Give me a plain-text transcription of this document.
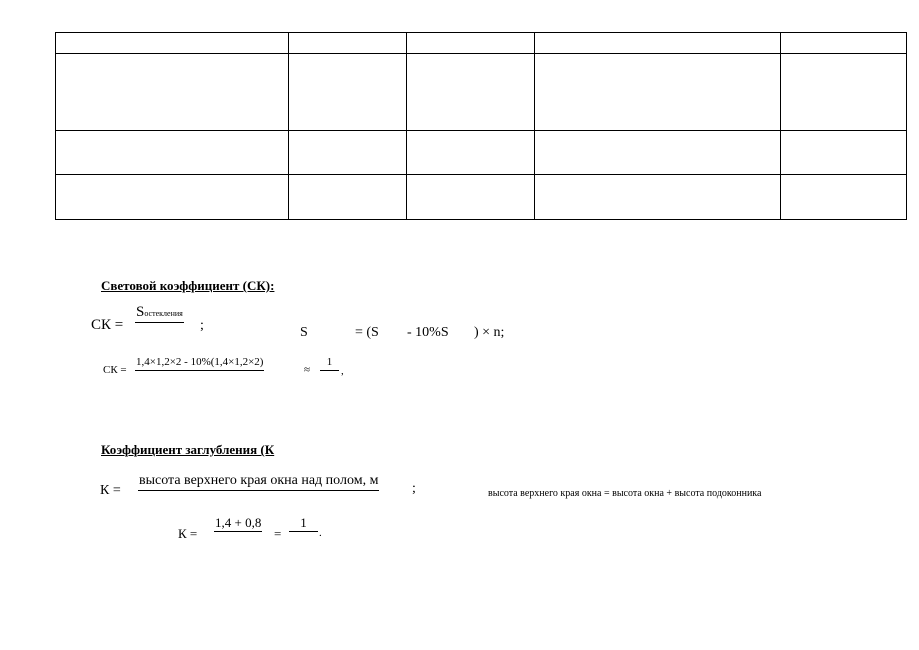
Световой коэффициент (СК):
СК =
Sостекления
;	S	= (S - 10%S ) × n;
СК =
1,4×1,2×2 - 10%(1,4×1,2×2)
≈
1
,
Коэффициент заглубления (К
К =
высота верхнего края окна над полом, м
;	высота верхнего края окна = высота окна + высота подоконника
К =
1,4 + 0,8
=
1
.
